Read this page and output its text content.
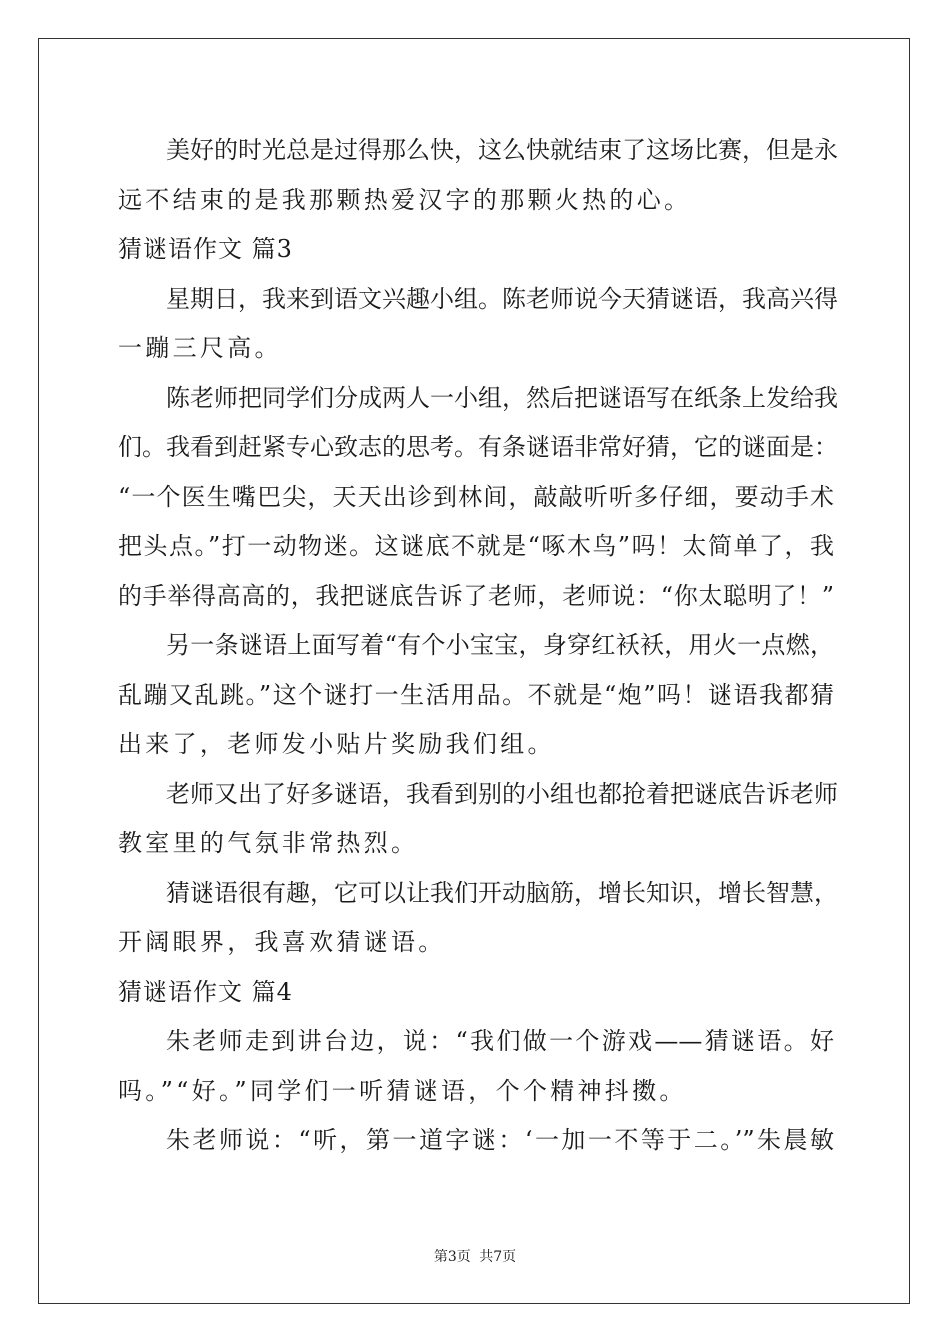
美好的时光总是过得那么快，这么快就结束了这场比赛，但是永
远不结束的是我那颗热爱汉字的那颗火热的心。
猜谜语作文 篇3
星期日，我来到语文兴趣小组。陈老师说今天猜谜语，我高兴得
一蹦三尺高。
陈老师把同学们分成两人一小组，然后把谜语写在纸条上发给我
们。我看到赶紧专心致志的思考。有条谜语非常好猜，它的谜面是：
“一个医生嘴巴尖，天天出诊到林间，敲敲听听多仔细，要动手术
把头点。”打一动物迷。这谜底不就是“啄木鸟”吗！太简单了，我
的手举得高高的，我把谜底告诉了老师，老师说：“你太聪明了！”
另一条谜语上面写着“有个小宝宝，身穿红袄袄，用火一点燃，
乱蹦又乱跳。”这个谜打一生活用品。不就是“炮”吗！谜语我都猜
出来了，老师发小贴片奖励我们组。
老师又出了好多谜语，我看到别的小组也都抢着把谜底告诉老师
教室里的气氛非常热烈。
猜谜语很有趣，它可以让我们开动脑筋，增长知识，增长智慧，
开阔眼界，我喜欢猜谜语。
猜谜语作文 篇4
朱老师走到讲台边，说：“我们做一个游戏——猜谜语。好
吗。”“好。”同学们一听猜谜语，个个精神抖擞。
朱老师说：“听，第一道字谜：‘一加一不等于二。’”朱晨敏
第3页 共7页
